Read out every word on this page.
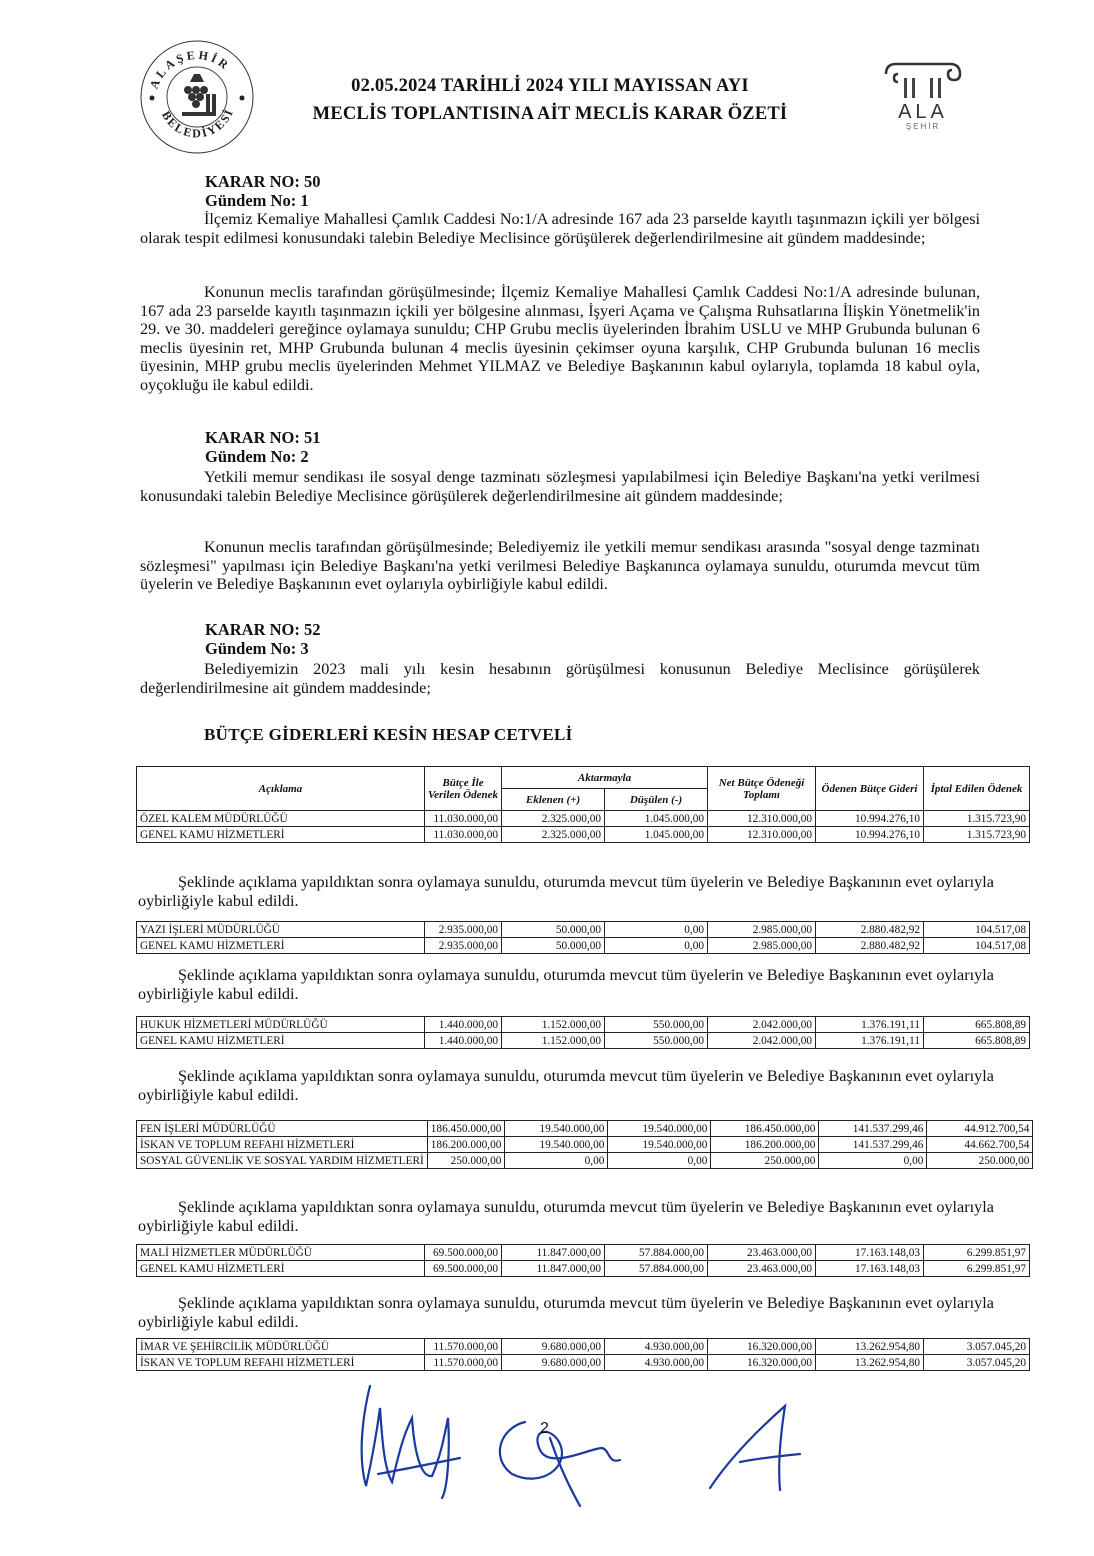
ALAŞEHİR
BELEDİYESİ
02.05.2024 TARİHLİ 2024 YILI MAYISSAN AYI
MECLİS TOPLANTISINA AİT MECLİS KARAR ÖZETİ	ALA
ŞEHİR
KARAR NO: 50
Gündem No: 1
İlçemiz Kemaliye Mahallesi Çamlık Caddesi No:1/A adresinde 167 ada 23 parselde kayıtlı taşınmazın içkili yer bölgesi olarak tespit edilmesi konusundaki talebin Belediye Meclisince görüşülerek değerlendirilmesine ait gündem maddesinde;
Konunun meclis tarafından görüşülmesinde; İlçemiz Kemaliye Mahallesi Çamlık Caddesi No:1/A adresinde bulunan, 167 ada 23 parselde kayıtlı taşınmazın içkili yer bölgesine alınması, İşyeri Açama ve Çalışma Ruhsatlarına İlişkin Yönetmelik'in 29. ve 30. maddeleri gereğince oylamaya sunuldu; CHP Grubu meclis üyelerinden İbrahim USLU ve MHP Grubunda bulunan 6 meclis üyesinin ret, MHP Grubunda bulunan 4 meclis üyesinin çekimser oyuna karşılık, CHP Grubunda bulunan 16 meclis üyesinin, MHP grubu meclis üyelerinden Mehmet YILMAZ ve Belediye Başkanının kabul oylarıyla, toplamda 18 kabul oyla, oyçokluğu ile kabul edildi.
KARAR NO: 51
Gündem No: 2
Yetkili memur sendikası ile sosyal denge tazminatı sözleşmesi yapılabilmesi için Belediye Başkanı'na yetki verilmesi konusundaki talebin Belediye Meclisince görüşülerek değerlendirilmesine ait gündem maddesinde;
Konunun meclis tarafından görüşülmesinde; Belediyemiz ile yetkili memur sendikası arasında "sosyal denge tazminatı sözleşmesi" yapılması için Belediye Başkanı'na yetki verilmesi Belediye Başkanınca oylamaya sunuldu, oturumda mevcut tüm üyelerin ve Belediye Başkanının evet oylarıyla oybirliğiyle kabul edildi.
KARAR NO: 52
Gündem No: 3
Belediyemizin 2023 mali yılı kesin hesabının görüşülmesi konusunun Belediye Meclisince görüşülerek değerlendirilmesine ait gündem maddesinde;
BÜTÇE GİDERLERİ KESİN HESAP CETVELİ
Açıklama	Bütçe İle Verilen Ödenek	Aktarmayla		Net Bütçe Ödeneği Toplamı	Ödenen Bütçe Gideri	İptal Edilen Ödenek
		Eklenen (+)	Düşülen (-)			
ÖZEL KALEM MÜDÜRLÜĞÜ	11.030.000,00	2.325.000,00	1.045.000,00	12.310.000,00	10.994.276,10	1.315.723,90
GENEL KAMU HİZMETLERİ	11.030.000,00	2.325.000,00	1.045.000,00	12.310.000,00	10.994.276,10	1.315.723,90
Şeklinde açıklama yapıldıktan sonra oylamaya sunuldu, oturumda mevcut tüm üyelerin ve Belediye Başkanının evet oylarıyla oybirliğiyle kabul edildi.
YAZI İŞLERİ MÜDÜRLÜĞÜ	2.935.000,00	50.000,00	0,00	2.985.000,00	2.880.482,92	104.517,08
GENEL KAMU HİZMETLERİ	2.935.000,00	50.000,00	0,00	2.985.000,00	2.880.482,92	104.517,08
Şeklinde açıklama yapıldıktan sonra oylamaya sunuldu, oturumda mevcut tüm üyelerin ve Belediye Başkanının evet oylarıyla oybirliğiyle kabul edildi.
HUKUK HİZMETLERİ MÜDÜRLÜĞÜ	1.440.000,00	1.152.000,00	550.000,00	2.042.000,00	1.376.191,11	665.808,89
GENEL KAMU HİZMETLERİ	1.440.000,00	1.152.000,00	550.000,00	2.042.000,00	1.376.191,11	665.808,89
Şeklinde açıklama yapıldıktan sonra oylamaya sunuldu, oturumda mevcut tüm üyelerin ve Belediye Başkanının evet oylarıyla oybirliğiyle kabul edildi.
FEN İŞLERİ MÜDÜRLÜĞÜ	186.450.000,00	19.540.000,00	19.540.000,00	186.450.000,00	141.537.299,46	44.912.700,54
İSKAN VE TOPLUM REFAHI HİZMETLERİ	186.200.000,00	19.540.000,00	19.540.000,00	186.200.000,00	141.537.299,46	44.662.700,54
SOSYAL GÜVENLİK VE SOSYAL YARDIM HİZMETLERİ	250.000,00	0,00	0,00	250.000,00	0,00	250.000,00
Şeklinde açıklama yapıldıktan sonra oylamaya sunuldu, oturumda mevcut tüm üyelerin ve Belediye Başkanının evet oylarıyla oybirliğiyle kabul edildi.
MALİ HİZMETLER MÜDÜRLÜĞÜ	69.500.000,00	11.847.000,00	57.884.000,00	23.463.000,00	17.163.148,03	6.299.851,97
GENEL KAMU HİZMETLERİ	69.500.000,00	11.847.000,00	57.884.000,00	23.463.000,00	17.163.148,03	6.299.851,97
Şeklinde açıklama yapıldıktan sonra oylamaya sunuldu, oturumda mevcut tüm üyelerin ve Belediye Başkanının evet oylarıyla oybirliğiyle kabul edildi.
İMAR VE ŞEHİRCİLİK MÜDÜRLÜĞÜ	11.570.000,00	9.680.000,00	4.930.000,00	16.320.000,00	13.262.954,80	3.057.045,20
İSKAN VE TOPLUM REFAHI HİZMETLERİ	11.570.000,00	9.680.000,00	4.930.000,00	16.320.000,00	13.262.954,80	3.057.045,20
2
